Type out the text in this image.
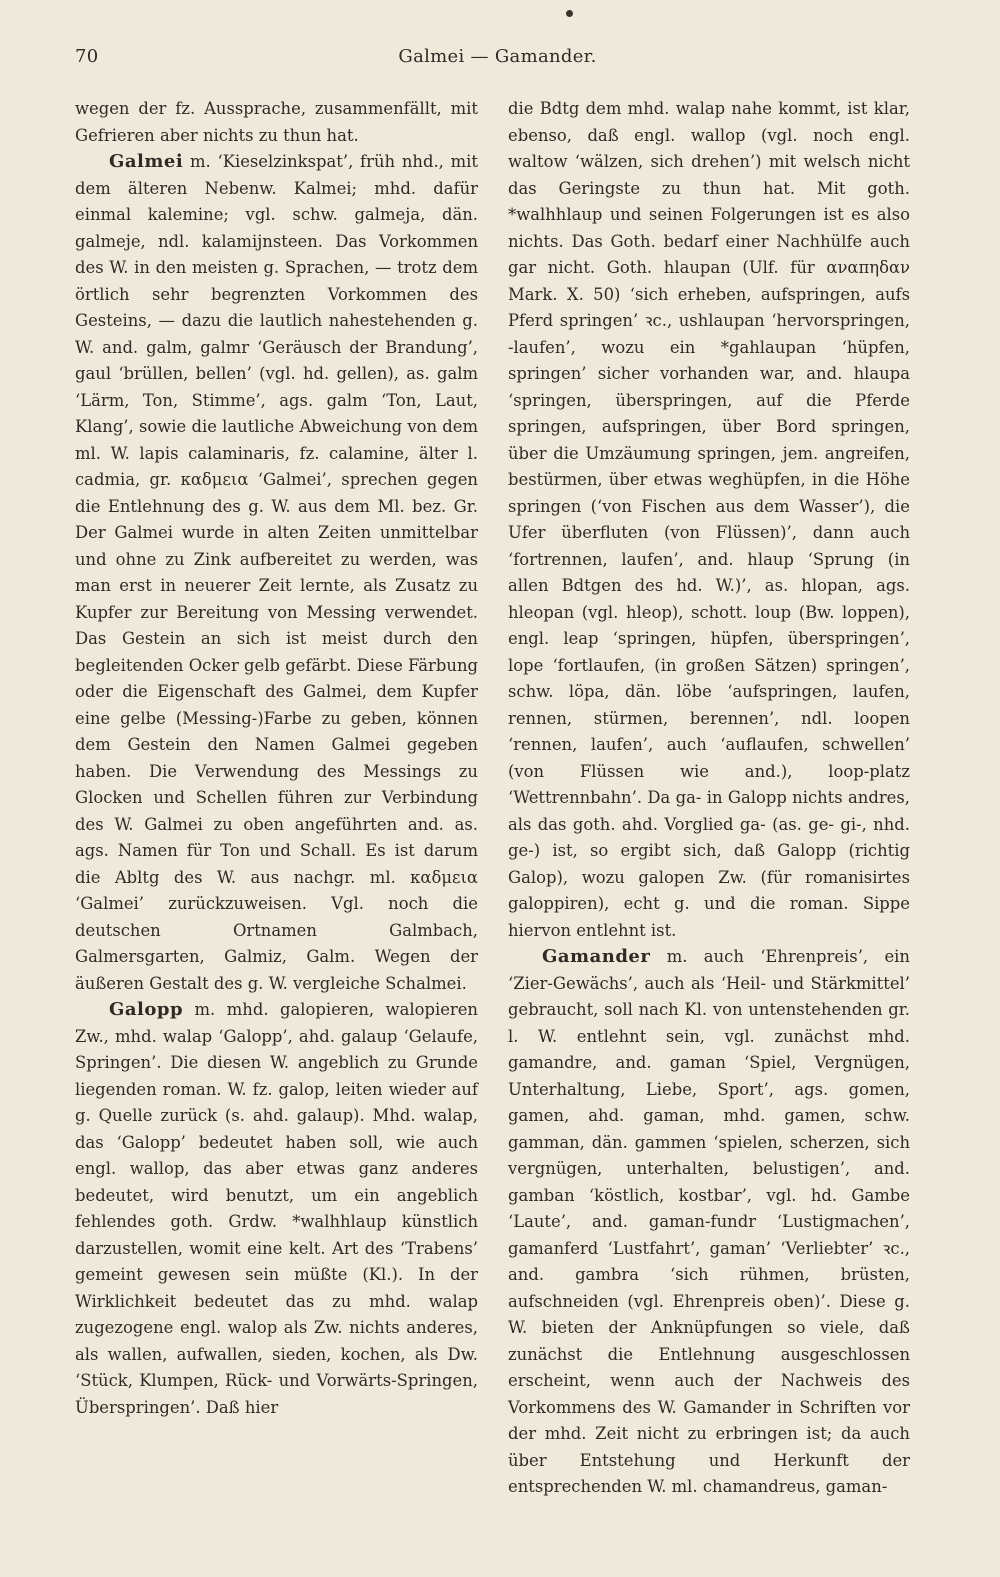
70	Galmei — Gamander.

wegen der fz. Aussprache, zusammenfällt, mit Gefrieren aber nichts zu thun hat.

Galmei m. ‘Kieselzinkspat’, früh nhd., mit dem älteren Nebenw. Kalmei; mhd. dafür einmal kalemine; vgl. schw. galmeja, dän. galmeje, ndl. kalamijnsteen. Das Vorkommen des W. in den meisten g. Sprachen, — trotz dem örtlich sehr begrenzten Vorkommen des Gesteins, — dazu die lautlich nahestehenden g. W. and. galm, galmr ‘Geräusch der Brandung’, gaul ‘brüllen, bellen’ (vgl. hd. gellen), as. galm ‘Lärm, Ton, Stimme’, ags. galm ‘Ton, Laut, Klang’, sowie die lautliche Abweichung von dem ml. W. lapis calaminaris, fz. calamine, älter l. cadmia, gr. καδμεια ‘Galmei’, sprechen gegen die Entlehnung des g. W. aus dem Ml. bez. Gr. Der Galmei wurde in alten Zeiten unmittelbar und ohne zu Zink aufbereitet zu werden, was man erst in neuerer Zeit lernte, als Zusatz zu Kupfer zur Bereitung von Messing verwendet. Das Gestein an sich ist meist durch den begleitenden Ocker gelb gefärbt. Diese Färbung oder die Eigenschaft des Galmei, dem Kupfer eine gelbe (Messing-)Farbe zu geben, können dem Gestein den Namen Galmei gegeben haben. Die Verwendung des Messings zu Glocken und Schellen führen zur Verbindung des W. Galmei zu oben angeführten and. as. ags. Namen für Ton und Schall. Es ist darum die Abltg des W. aus nachgr. ml. καδμεια ‘Galmei’ zurückzuweisen. Vgl. noch die deutschen Ortnamen Galmbach, Galmersgarten, Galmiz, Galm. Wegen der äußeren Gestalt des g. W. vergleiche Schalmei.

Galopp m. mhd. galopieren, walopieren Zw., mhd. walap ‘Galopp’, ahd. galaup ‘Gelaufe, Springen’. Die diesen W. angeblich zu Grunde liegenden roman. W. fz. galop, leiten wieder auf g. Quelle zurück (s. ahd. galaup). Mhd. walap, das ‘Galopp’ bedeutet haben soll, wie auch engl. wallop, das aber etwas ganz anderes bedeutet, wird benutzt, um ein angeblich fehlendes goth. Grdw. *walhhlaup künstlich darzustellen, womit eine kelt. Art des ‘Trabens’ gemeint gewesen sein müßte (Kl.). In der Wirklichkeit bedeutet das zu mhd. walap zugezogene engl. walop als Zw. nichts anderes, als wallen, aufwallen, sieden, kochen, als Dw. ‘Stück, Klumpen, Rück- und Vorwärts-Springen, Überspringen’. Daß hier

die Bdtg dem mhd. walap nahe kommt, ist klar, ebenso, daß engl. wallop (vgl. noch engl. waltow ‘wälzen, sich drehen’) mit welsch nicht das Geringste zu thun hat. Mit goth. *walhhlaup und seinen Folgerungen ist es also nichts. Das Goth. bedarf einer Nachhülfe auch gar nicht. Goth. hlaupan (Ulf. für αναπηδαν Mark. X. 50) ‘sich erheben, aufspringen, aufs Pferd springen’ ꝛc., ushlaupan ‘hervorspringen, -laufen’, wozu ein *gahlaupan ‘hüpfen, springen’ sicher vorhanden war, and. hlaupa ‘springen, überspringen, auf die Pferde springen, aufspringen, über Bord springen, über die Umzäumung springen, jem. angreifen, bestürmen, über etwas weghüpfen, in die Höhe springen (‘von Fischen aus dem Wasser’), die Ufer überfluten (von Flüssen)’, dann auch ‘fortrennen, laufen’, and. hlaup ‘Sprung (in allen Bdtgen des hd. W.)’, as. hlopan, ags. hleopan (vgl. hleop), schott. loup (Bw. loppen), engl. leap ‘springen, hüpfen, überspringen’, lope ‘fortlaufen, (in großen Sätzen) springen’, schw. löpa, dän. löbe ‘aufspringen, laufen, rennen, stürmen, berennen’, ndl. loopen ‘rennen, laufen’, auch ‘auflaufen, schwellen’ (von Flüssen wie and.), loop-platz ‘Wettrennbahn’. Da ga- in Galopp nichts andres, als das goth. ahd. Vorglied ga- (as. ge- gi-, nhd. ge-) ist, so ergibt sich, daß Galopp (richtig Galop), wozu galopen Zw. (für romanisirtes galoppiren), echt g. und die roman. Sippe hiervon entlehnt ist.

Gamander m. auch ‘Ehrenpreis’, ein ‘Zier-Gewächs’, auch als ‘Heil- und Stärkmittel’ gebraucht, soll nach Kl. von untenstehenden gr. l. W. entlehnt sein, vgl. zunächst mhd. gamandre, and. gaman ‘Spiel, Vergnügen, Unterhaltung, Liebe, Sport’, ags. gomen, gamen, ahd. gaman, mhd. gamen, schw. gamman, dän. gammen ‘spielen, scherzen, sich vergnügen, unterhalten, belustigen’, and. gamban ‘köstlich, kostbar’, vgl. hd. Gambe ‘Laute’, and. gaman-fundr ‘Lustigmachen’, gamanferd ‘Lustfahrt’, gaman’ ‘Verliebter’ ꝛc., and. gambra ‘sich rühmen, brüsten, aufschneiden (vgl. Ehrenpreis oben)’. Diese g. W. bieten der Anknüpfungen so viele, daß zunächst die Entlehnung ausgeschlossen erscheint, wenn auch der Nachweis des Vorkommens des W. Gamander in Schriften vor der mhd. Zeit nicht zu erbringen ist; da auch über Entstehung und Herkunft der entsprechenden W. ml. chamandreus, gaman-
